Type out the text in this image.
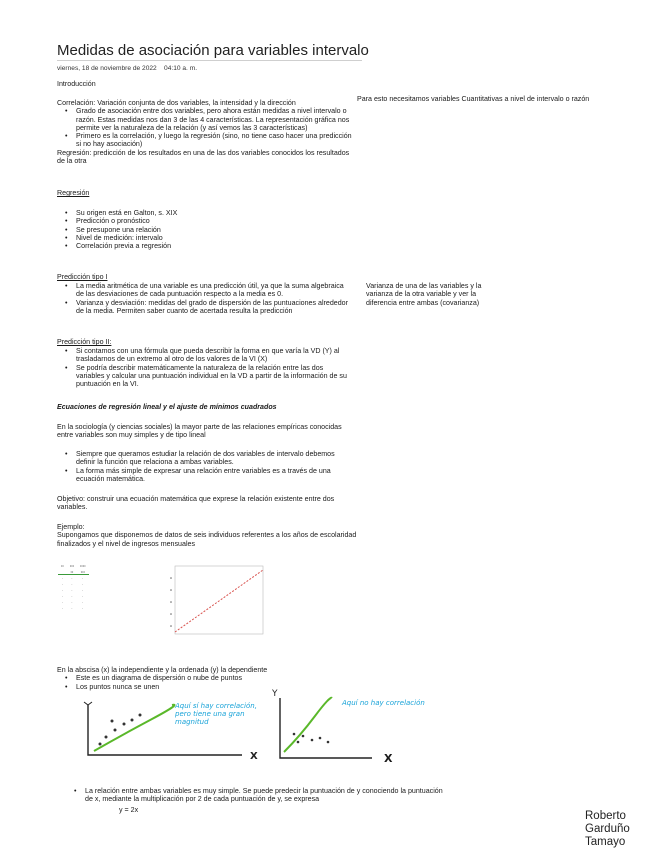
Medidas de asociación para variables intervalo
viernes, 18 de noviembre de 2022 04:10 a. m.
Introducción
Correlación: Variación conjunta de dos variables, la intensidad y la dirección
• Grado de asociación entre dos variables, pero ahora están medidas a nivel intervalo o razón. Estas medidas nos dan 3 de las 4 características. La representación gráfica nos permite ver la naturaleza de la relación (y así vemos las 3 características)
• Primero es la correlación, y luego la regresión (sino, no tiene caso hacer una predicción si no hay asociación)
Regresión: predicción de los resultados en una de las dos variables conocidos los resultados de la otra
Para esto necesitamos variables Cuantitativas a nivel de intervalo o razón
Regresión
• Su origen está en Galton, s. XIX
• Predicción o pronóstico
• Se presupone una relación
• Nivel de medición: intervalo
• Correlación previa a regresión
Predicción tipo I
• La media aritmética de una variable es una predicción útil, ya que la suma algebraica de las desviaciones de cada puntuación respecto a la media es 0.
• Varianza y desviación: medidas del grado de dispersión de las puntuaciones alrededor de la media. Permiten saber cuanto de acertada resulta la predicción
Varianza de una de las variables y la varianza de la otra variable y ver la diferencia entre ambas (covarianza)
Predicción tipo II:
• Si contamos con una fórmula que pueda describir la forma en que varía la VD (Y) al trasladarnos de un extremo al otro de los valores de la VI (X)
• Se podría describir matemáticamente la naturaleza de la relación entre las dos variables y calcular una puntuación individual en la VD a partir de la información de su puntuación en la VI.
Ecuaciones de regresión lineal y el ajuste de mínimos cuadrados
En la sociología (y ciencias sociales) la mayor parte de las relaciones empíricas conocidas entre variables son muy simples y de tipo lineal
• Siempre que queramos estudiar la relación de dos variables de intervalo debemos definir la función que relaciona a ambas variables.
• La forma más simple de expresar una relación entre variables es a través de una ecuación matemática.
Objetivo: construir una ecuación matemática que exprese la relación existente entre dos variables.
Ejemplo:
Supongamos que disponemos de datos de seis individuos referentes a los años de escolaridad finalizados y el nivel de ingresos mensuales
••	•••	••••
	••	•••
·	·	·
·	·	·
·	·	·
·	·	·
·	·	·
·	·	·
En la abscisa (x) la independiente y la ordenada (y) la dependiente
• Este es un diagrama de dispersión o nube de puntos
• Los puntos nunca se unen
X
Aquí sí hay correlación, pero tiene una gran magnitud
Y
Aquí no hay correlación
X
• La relación entre ambas variables es muy simple. Se puede predecir la puntuación de y conociendo la puntuación de x, mediante la multiplicación por 2 de cada puntuación de y, se expresa
y = 2x	Roberto
Garduño
Tamayo
